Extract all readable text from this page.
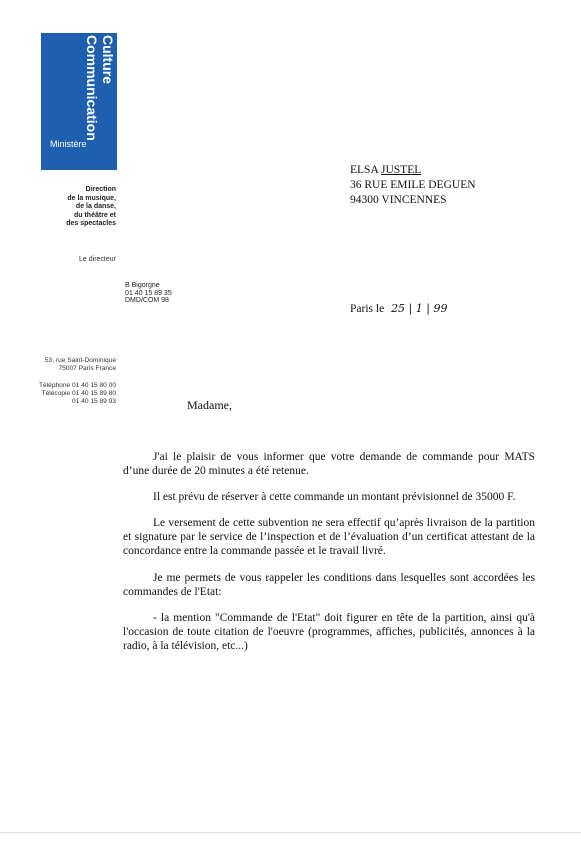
Culture
Communication
Ministère
Direction
de la musique,
de la danse,
du théâtre et
des spectacles
Le directeur
B Bigorgne
01 40 15 89 35
DMD/COM 98
ELSA JUSTEL
36 RUE EMILE DEGUEN
94300 VINCENNES
Paris le 25 | 1 | 99
53, rue Saint-Dominique
75007 Paris France
Téléphone 01 40 15 80 00
Télécopie 01 40 15 89 80
01 40 15 89 93	Madame,
J'ai le plaisir de vous informer que votre demande de commande pour MATS d’une durée de 20 minutes a été retenue.
Il est prévu de réserver à cette commande un montant prévisionnel de 35000 F.
Le versement de cette subvention ne sera effectif qu’après livraison de la partition et signature par le service de l’inspection et de l’évaluation d’un certificat attestant de la concordance entre la commande passée et le travail livré.
Je me permets de vous rappeler les conditions dans lesquelles sont accordées les commandes de l'Etat:
- la mention "Commande de l'Etat" doit figurer en tête de la partition, ainsi qu'à l'occasion de toute citation de l'oeuvre (programmes, affiches, publicités, annonces à la radio, à la télévision, etc...)
